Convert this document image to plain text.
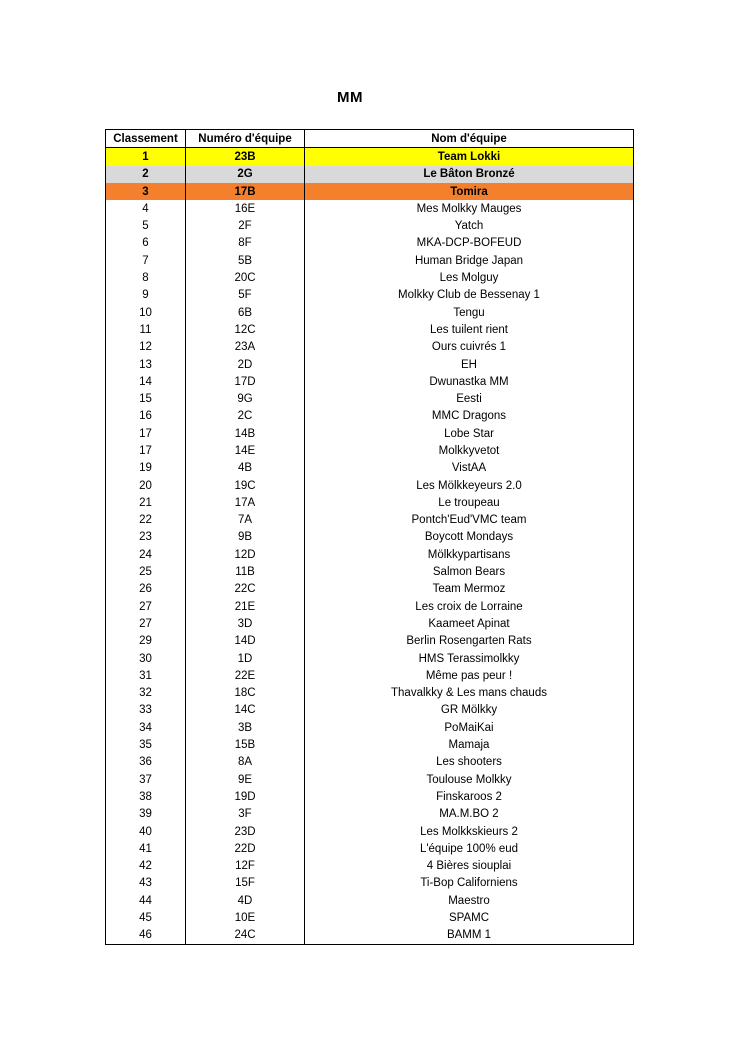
MM
Classement	Numéro d'équipe	Nom d'équipe
1	23B	Team Lokki
2	2G	Le Bâton Bronzé
3	17B	Tomira
4	16E	Mes Molkky Mauges
5	2F	Yatch
6	8F	MKA-DCP-BOFEUD
7	5B	Human Bridge Japan
8	20C	Les Molguy
9	5F	Molkky Club de Bessenay 1
10	6B	Tengu
11	12C	Les tuilent rient
12	23A	Ours cuivrés 1
13	2D	EH
14	17D	Dwunastka MM
15	9G	Eesti
16	2C	MMC Dragons
17	14B	Lobe Star
17	14E	Molkkyvetot
19	4B	VistAA
20	19C	Les Mölkkeyeurs 2.0
21	17A	Le troupeau
22	7A	Pontch'Eud'VMC team
23	9B	Boycott Mondays
24	12D	Mölkkypartisans
25	11B	Salmon Bears
26	22C	Team Mermoz
27	21E	Les croix de Lorraine
27	3D	Kaameet Apinat
29	14D	Berlin Rosengarten Rats
30	1D	HMS Terassimolkky
31	22E	Même pas peur !
32	18C	Thavalkky & Les mans chauds
33	14C	GR Mölkky
34	3B	PoMaiKai
35	15B	Mamaja
36	8A	Les shooters
37	9E	Toulouse Molkky
38	19D	Finskaroos 2
39	3F	MA.M.BO 2
40	23D	Les Molkkskieurs 2
41	22D	L'équipe 100% eud
42	12F	4 Bières siouplai
43	15F	Ti-Bop Californiens
44	4D	Maestro
45	10E	SPAMC
46	24C	BAMM 1
